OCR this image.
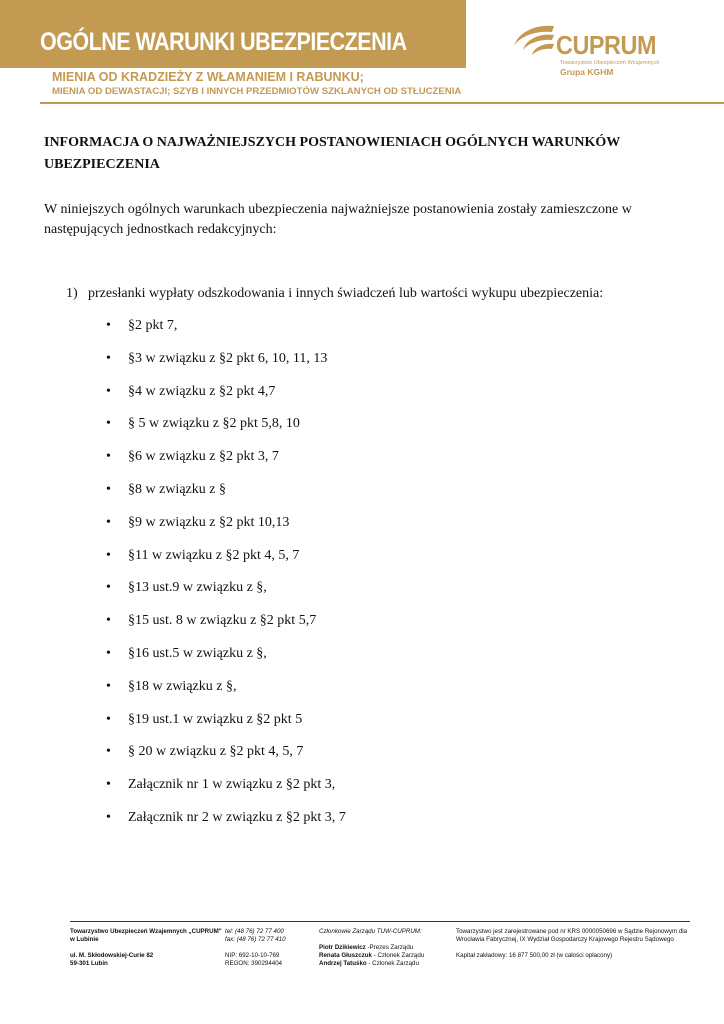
OGÓLNE WARUNKI UBEZPIECZENIA
MIENIA OD KRADZIEŻY Z WŁAMANIEM I RABUNKU;
MIENIA OD DEWASTACJI; SZYB I INNYCH PRZEDMIOTÓW SZKLANYCH OD STŁUCZENIA
CUPRUM
Towarzystwo Ubezpieczeń Wzajemnych
Grupa KGHM
INFORMACJA O NAJWAŻNIEJSZYCH POSTANOWIENIACH OGÓLNYCH WARUNKÓW UBEZPIECZENIA
W niniejszych ogólnych warunkach ubezpieczenia najważniejsze postanowienia zostały zamieszczone w następujących jednostkach redakcyjnych:
1) przesłanki wypłaty odszkodowania i innych świadczeń lub wartości wykupu ubezpieczenia:
• §2 pkt 7,
• §3 w związku z §2 pkt 6, 10, 11, 13
• §4 w związku z §2 pkt 4,7
• § 5 w związku z §2 pkt 5,8, 10
• §6 w związku z §2 pkt 3, 7
• §8 w związku z §
• §9 w związku z §2 pkt 10,13
• §11 w związku z §2 pkt 4, 5, 7
• §13 ust.9 w związku z §,
• §15 ust. 8 w związku z §2 pkt 5,7
• §16 ust.5 w związku z §,
• §18 w związku z §,
• §19 ust.1 w związku z §2 pkt 5
• § 20 w związku z §2 pkt 4, 5, 7
• Załącznik nr 1 w związku z §2 pkt 3,
• Załącznik nr 2 w związku z §2 pkt 3, 7
Towarzystwo Ubezpieczeń Wzajemnych „CUPRUM"
w Lubinie
ul. M. Skłodowskiej-Curie 82
59-301 Lubin
tel: (48 76) 72 77 400
fax: (48 76) 72 77 410
NIP: 692-10-10-769
REGON: 390294404
Członkowie Zarządu TUW-CUPRUM:
Piotr Dzikiewicz -Prezes Zarządu
Renata Głuszczuk - Członek Zarządu
Andrzej Tatuśko - Członek Zarządu
Towarzystwo jest zarejestrowane pod nr KRS 0000050696 w Sądzie Rejonowym dla
Wrocławia Fabrycznej, IX Wydział Gospodarczy Krajowego Rejestru Sądowego
Kapitał zakładowy: 16 877 500,00 zł (w całości opłacony)
